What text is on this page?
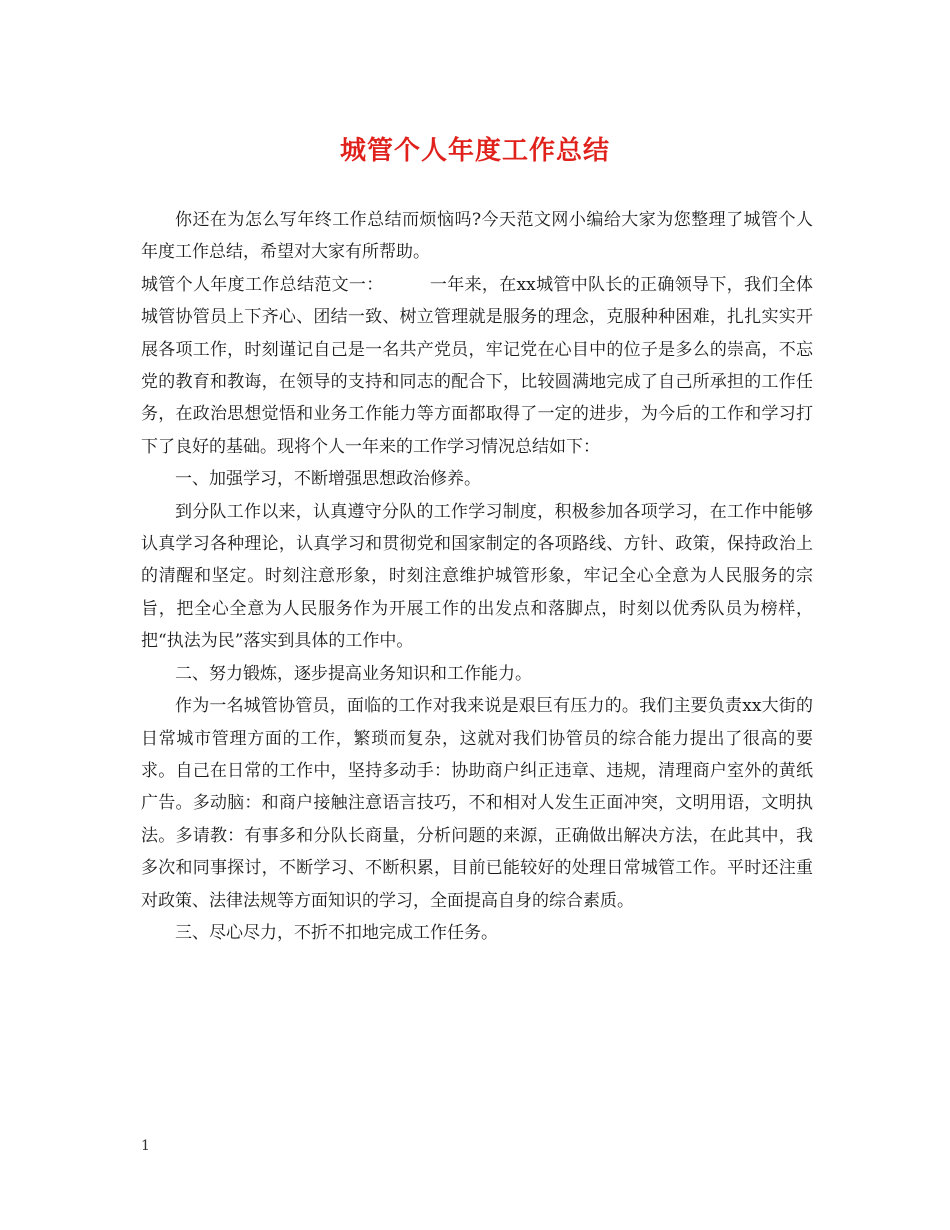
城管个人年度工作总结

你还在为怎么写年终工作总结而烦恼吗?今天范文网小编给大家为您整理了城管个人年度工作总结，希望对大家有所帮助。

城管个人年度工作总结范文一：	一年来，在xx城管中队长的正确领导下，我们全体城管协管员上下齐心、团结一致、树立管理就是服务的理念，克服种种困难，扎扎实实开展各项工作，时刻谨记自己是一名共产党员，牢记党在心目中的位子是多么的崇高，不忘党的教育和教诲，在领导的支持和同志的配合下，比较圆满地完成了自己所承担的工作任务，在政治思想觉悟和业务工作能力等方面都取得了一定的进步，为今后的工作和学习打下了良好的基础。现将个人一年来的工作学习情况总结如下：

一、加强学习，不断增强思想政治修养。

到分队工作以来，认真遵守分队的工作学习制度，积极参加各项学习，在工作中能够认真学习各种理论，认真学习和贯彻党和国家制定的各项路线、方针、政策，保持政治上的清醒和坚定。时刻注意形象，时刻注意维护城管形象，牢记全心全意为人民服务的宗旨，把全心全意为人民服务作为开展工作的出发点和落脚点，时刻以优秀队员为榜样，把“执法为民”落实到具体的工作中。

二、努力锻炼，逐步提高业务知识和工作能力。

作为一名城管协管员，面临的工作对我来说是艰巨有压力的。我们主要负责xx大街的日常城市管理方面的工作，繁琐而复杂，这就对我们协管员的综合能力提出了很高的要求。自己在日常的工作中，坚持多动手：协助商户纠正违章、违规，清理商户室外的黄纸广告。多动脑：和商户接触注意语言技巧，不和相对人发生正面冲突，文明用语，文明执法。多请教：有事多和分队长商量，分析问题的来源，正确做出解决方法，在此其中，我多次和同事探讨，不断学习、不断积累，目前已能较好的处理日常城管工作。平时还注重对政策、法律法规等方面知识的学习，全面提高自身的综合素质。

三、尽心尽力，不折不扣地完成工作任务。

1
